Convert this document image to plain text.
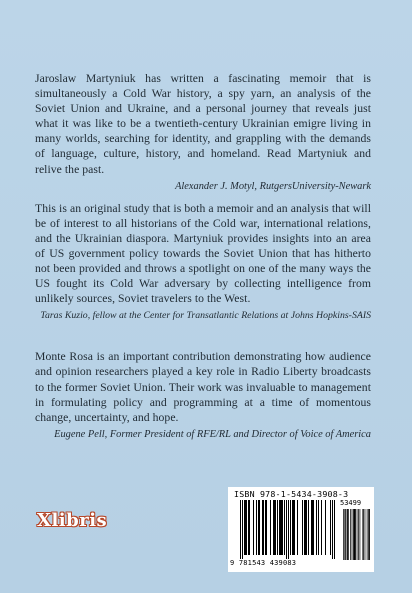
Jaroslaw Martyniuk has written a fascinating memoir that is simultaneously a Cold War history, a spy yarn, an analysis of the Soviet Union and Ukraine, and a personal journey that reveals just what it was like to be a twentieth-century Ukrainian emigre living in many worlds, searching for identity, and grappling with the demands of language, culture, history, and homeland. Read Martyniuk and relive the past.

Alexander J. Motyl, RutgersUniversity-Newark

This is an original study that is both a memoir and an analysis that will be of interest to all historians of the Cold war, international relations, and the Ukrainian diaspora. Martyniuk provides insights into an area of US government policy towards the Soviet Union that has hitherto not been provided and throws a spotlight on one of the many ways the US fought its Cold War adversary by collecting intelligence from unlikely sources, Soviet travelers to the West.

Taras Kuzio, fellow at the Center for Transatlantic Relations at Johns Hopkins-SAIS

Monte Rosa is an important contribution demonstrating how audience and opinion researchers played a key role in Radio Liberty broadcasts to the former Soviet Union. Their work was invaluable to management in formulating policy and programming at a time of momentous change, uncertainty, and hope.

Eugene Pell, Former President of RFE/RL and Director of Voice of America

Xlibris
ISBN 978-1-5434-3908-3
53499
9 781543 439083
